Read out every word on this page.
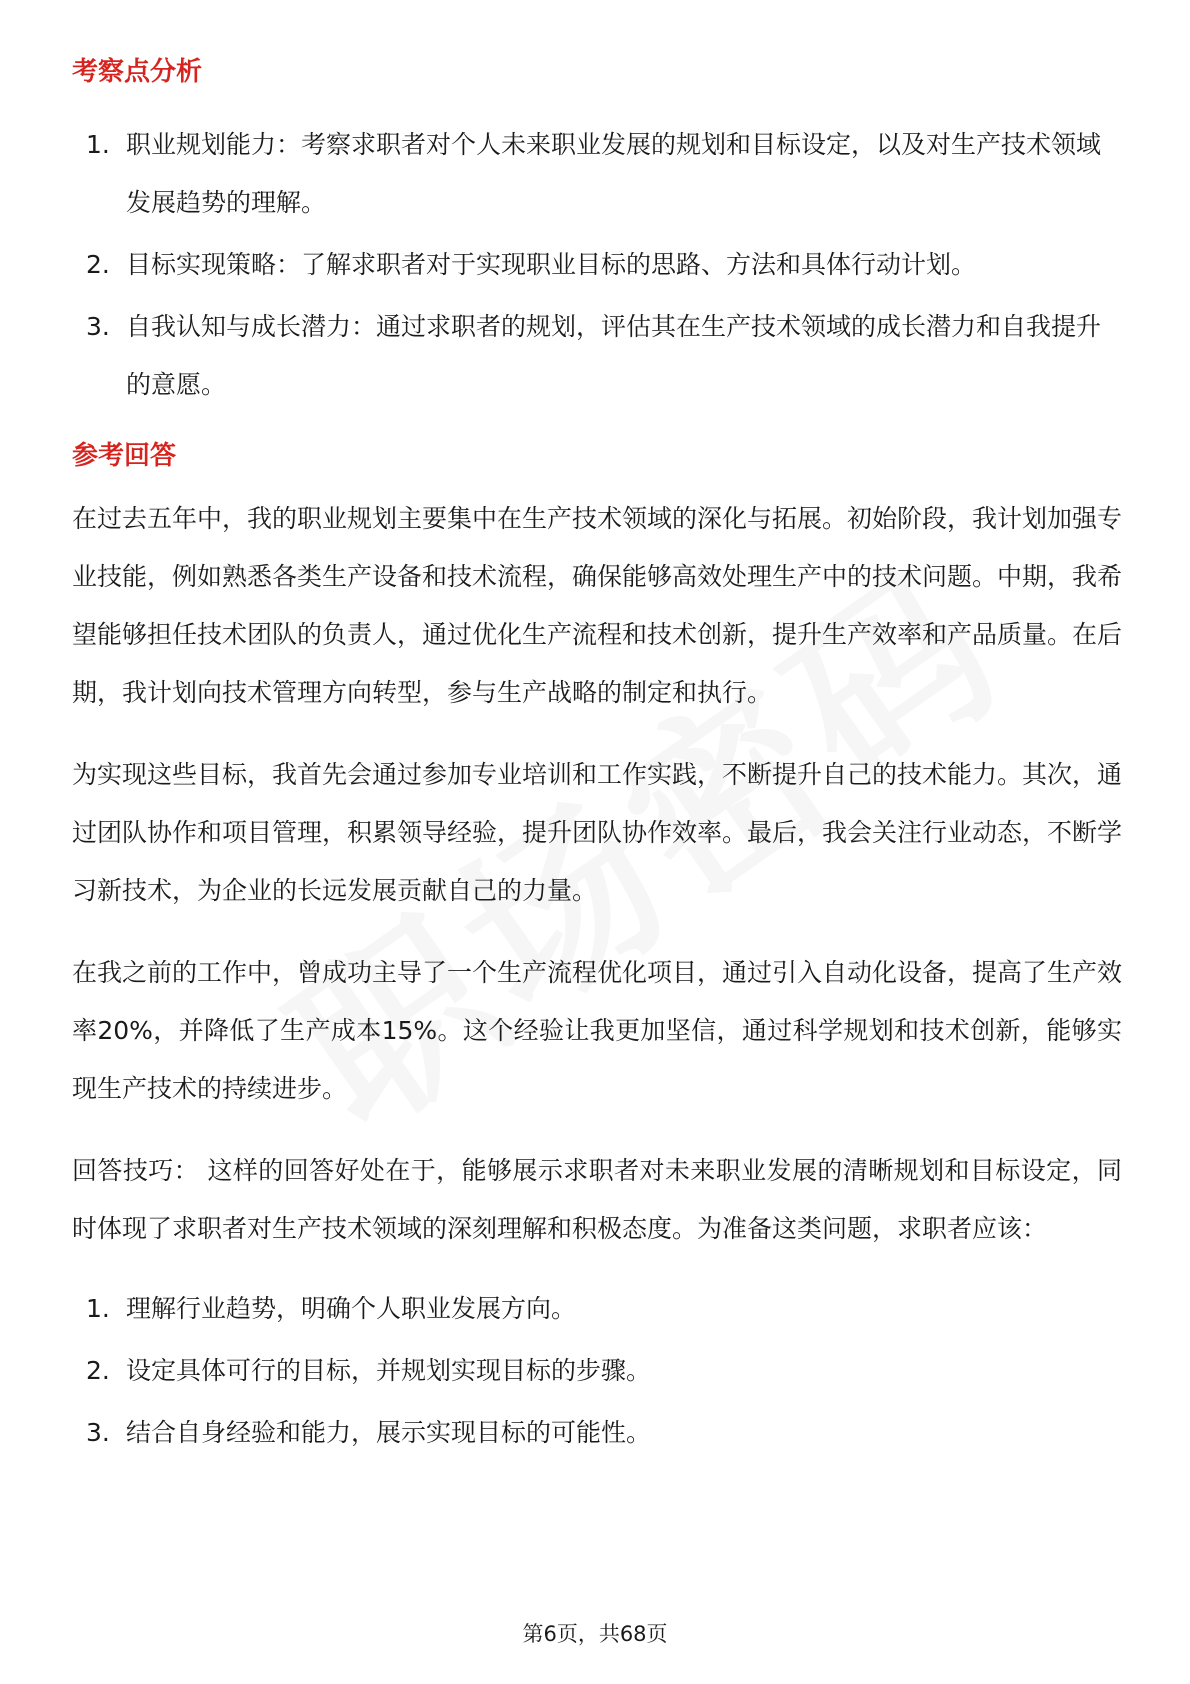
考察点分析
1. 职业规划能力：考察求职者对个人未来职业发展的规划和目标设定，以及对生产技术领域发展趋势的理解。
2. 目标实现策略：了解求职者对于实现职业目标的思路、方法和具体行动计划。
3. 自我认知与成长潜力：通过求职者的规划，评估其在生产技术领域的成长潜力和自我提升的意愿。
参考回答

在过去五年中，我的职业规划主要集中在生产技术领域的深化与拓展。初始阶段，我计划加强专业技能，例如熟悉各类生产设备和技术流程，确保能够高效处理生产中的技术问题。中期，我希望能够担任技术团队的负责人，通过优化生产流程和技术创新，提升生产效率和产品质量。在后期，我计划向技术管理方向转型，参与生产战略的制定和执行。

为实现这些目标，我首先会通过参加专业培训和工作实践，不断提升自己的技术能力。其次，通过团队协作和项目管理，积累领导经验，提升团队协作效率。最后，我会关注行业动态，不断学习新技术，为企业的长远发展贡献自己的力量。

在我之前的工作中，曾成功主导了一个生产流程优化项目，通过引入自动化设备，提高了生产效率20%，并降低了生产成本15%。这个经验让我更加坚信，通过科学规划和技术创新，能够实现生产技术的持续进步。

回答技巧： 这样的回答好处在于，能够展示求职者对未来职业发展的清晰规划和目标设定，同时体现了求职者对生产技术领域的深刻理解和积极态度。为准备这类问题，求职者应该：

1. 理解行业趋势，明确个人职业发展方向。
2. 设定具体可行的目标，并规划实现目标的步骤。
3. 结合自身经验和能力，展示实现目标的可能性。
第6页，共68页
